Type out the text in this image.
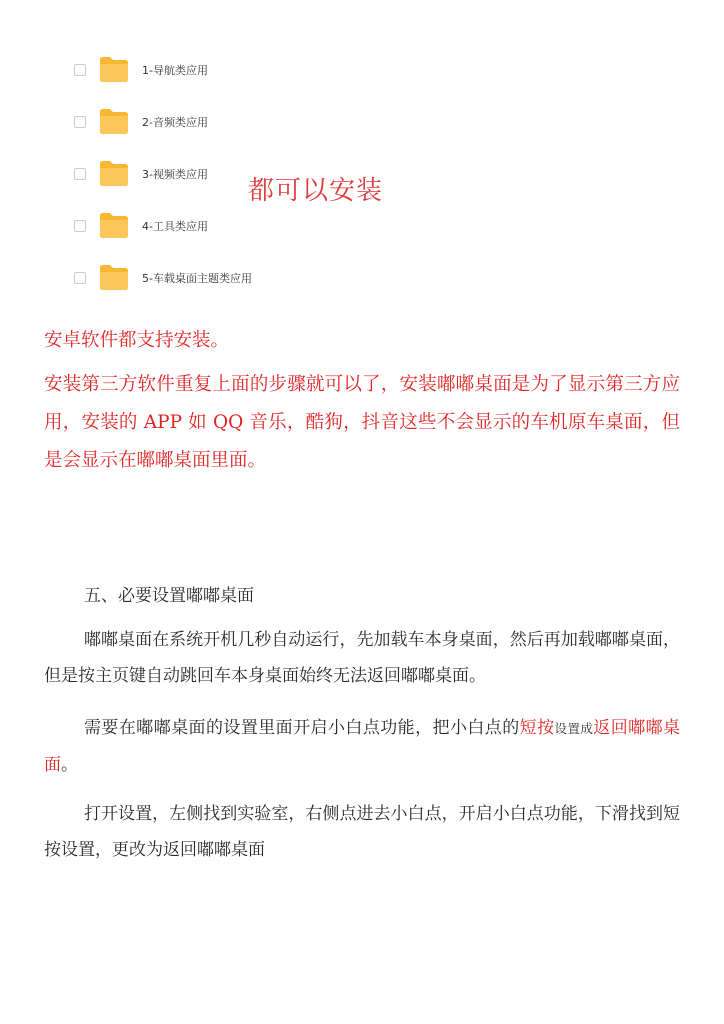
1-导航类应用
2-音频类应用
3-视频类应用
4-工具类应用
5-车载桌面主题类应用
都可以安装

安卓软件都支持安装。

安装第三方软件重复上面的步骤就可以了，安装嘟嘟桌面是为了显示第三方应用，安装的 APP 如 QQ 音乐，酷狗，抖音这些不会显示的车机原车桌面，但是会显示在嘟嘟桌面里面。

五、必要设置嘟嘟桌面

嘟嘟桌面在系统开机几秒自动运行，先加载车本身桌面，然后再加载嘟嘟桌面，但是按主页键自动跳回车本身桌面始终无法返回嘟嘟桌面。

需要在嘟嘟桌面的设置里面开启小白点功能，把小白点的短按设置成返回嘟嘟桌面。

打开设置，左侧找到实验室，右侧点进去小白点，开启小白点功能，下滑找到短按设置，更改为返回嘟嘟桌面
